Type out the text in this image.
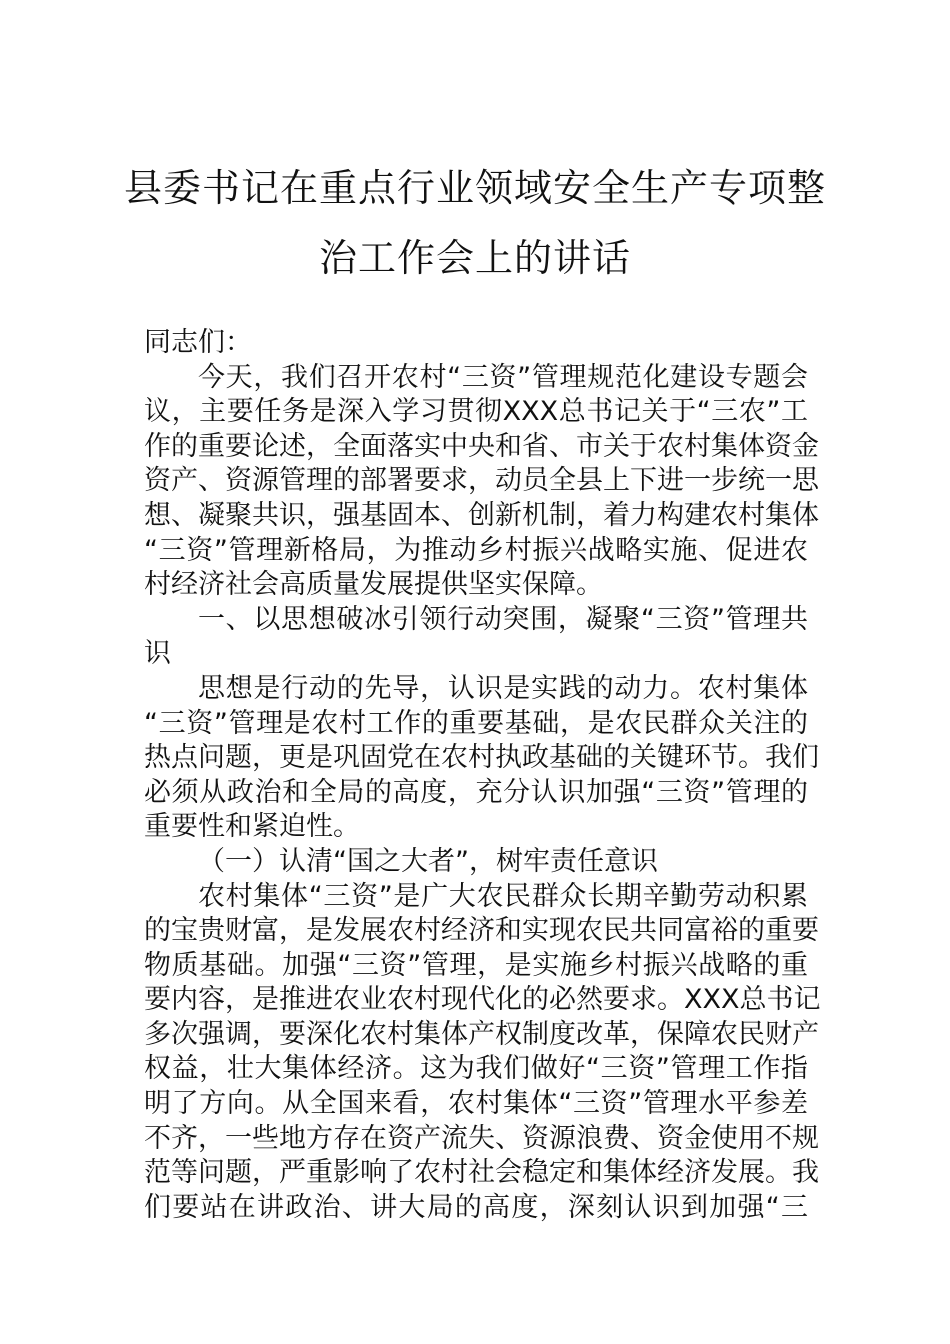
县委书记在重点行业领域安全生产专项整
治工作会上的讲话
同志们：
今天，我们召开农村“三资”管理规范化建设专题会
议，主要任务是深入学习贯彻XXX总书记关于“三农”工
作的重要论述，全面落实中央和省、市关于农村集体资金
资产、资源管理的部署要求，动员全县上下进一步统一思
想、凝聚共识，强基固本、创新机制，着力构建农村集体
“三资”管理新格局，为推动乡村振兴战略实施、促进农
村经济社会高质量发展提供坚实保障。
一、以思想破冰引领行动突围，凝聚“三资”管理共
识
思想是行动的先导，认识是实践的动力。农村集体
“三资”管理是农村工作的重要基础，是农民群众关注的
热点问题，更是巩固党在农村执政基础的关键环节。我们
必须从政治和全局的高度，充分认识加强“三资”管理的
重要性和紧迫性。
（一）认清“国之大者”，树牢责任意识
农村集体“三资”是广大农民群众长期辛勤劳动积累
的宝贵财富，是发展农村经济和实现农民共同富裕的重要
物质基础。加强“三资”管理，是实施乡村振兴战略的重
要内容，是推进农业农村现代化的必然要求。XXX总书记
多次强调，要深化农村集体产权制度改革，保障农民财产
权益，壮大集体经济。这为我们做好“三资”管理工作指
明了方向。从全国来看，农村集体“三资”管理水平参差
不齐，一些地方存在资产流失、资源浪费、资金使用不规
范等问题，严重影响了农村社会稳定和集体经济发展。我
们要站在讲政治、讲大局的高度，深刻认识到加强“三
